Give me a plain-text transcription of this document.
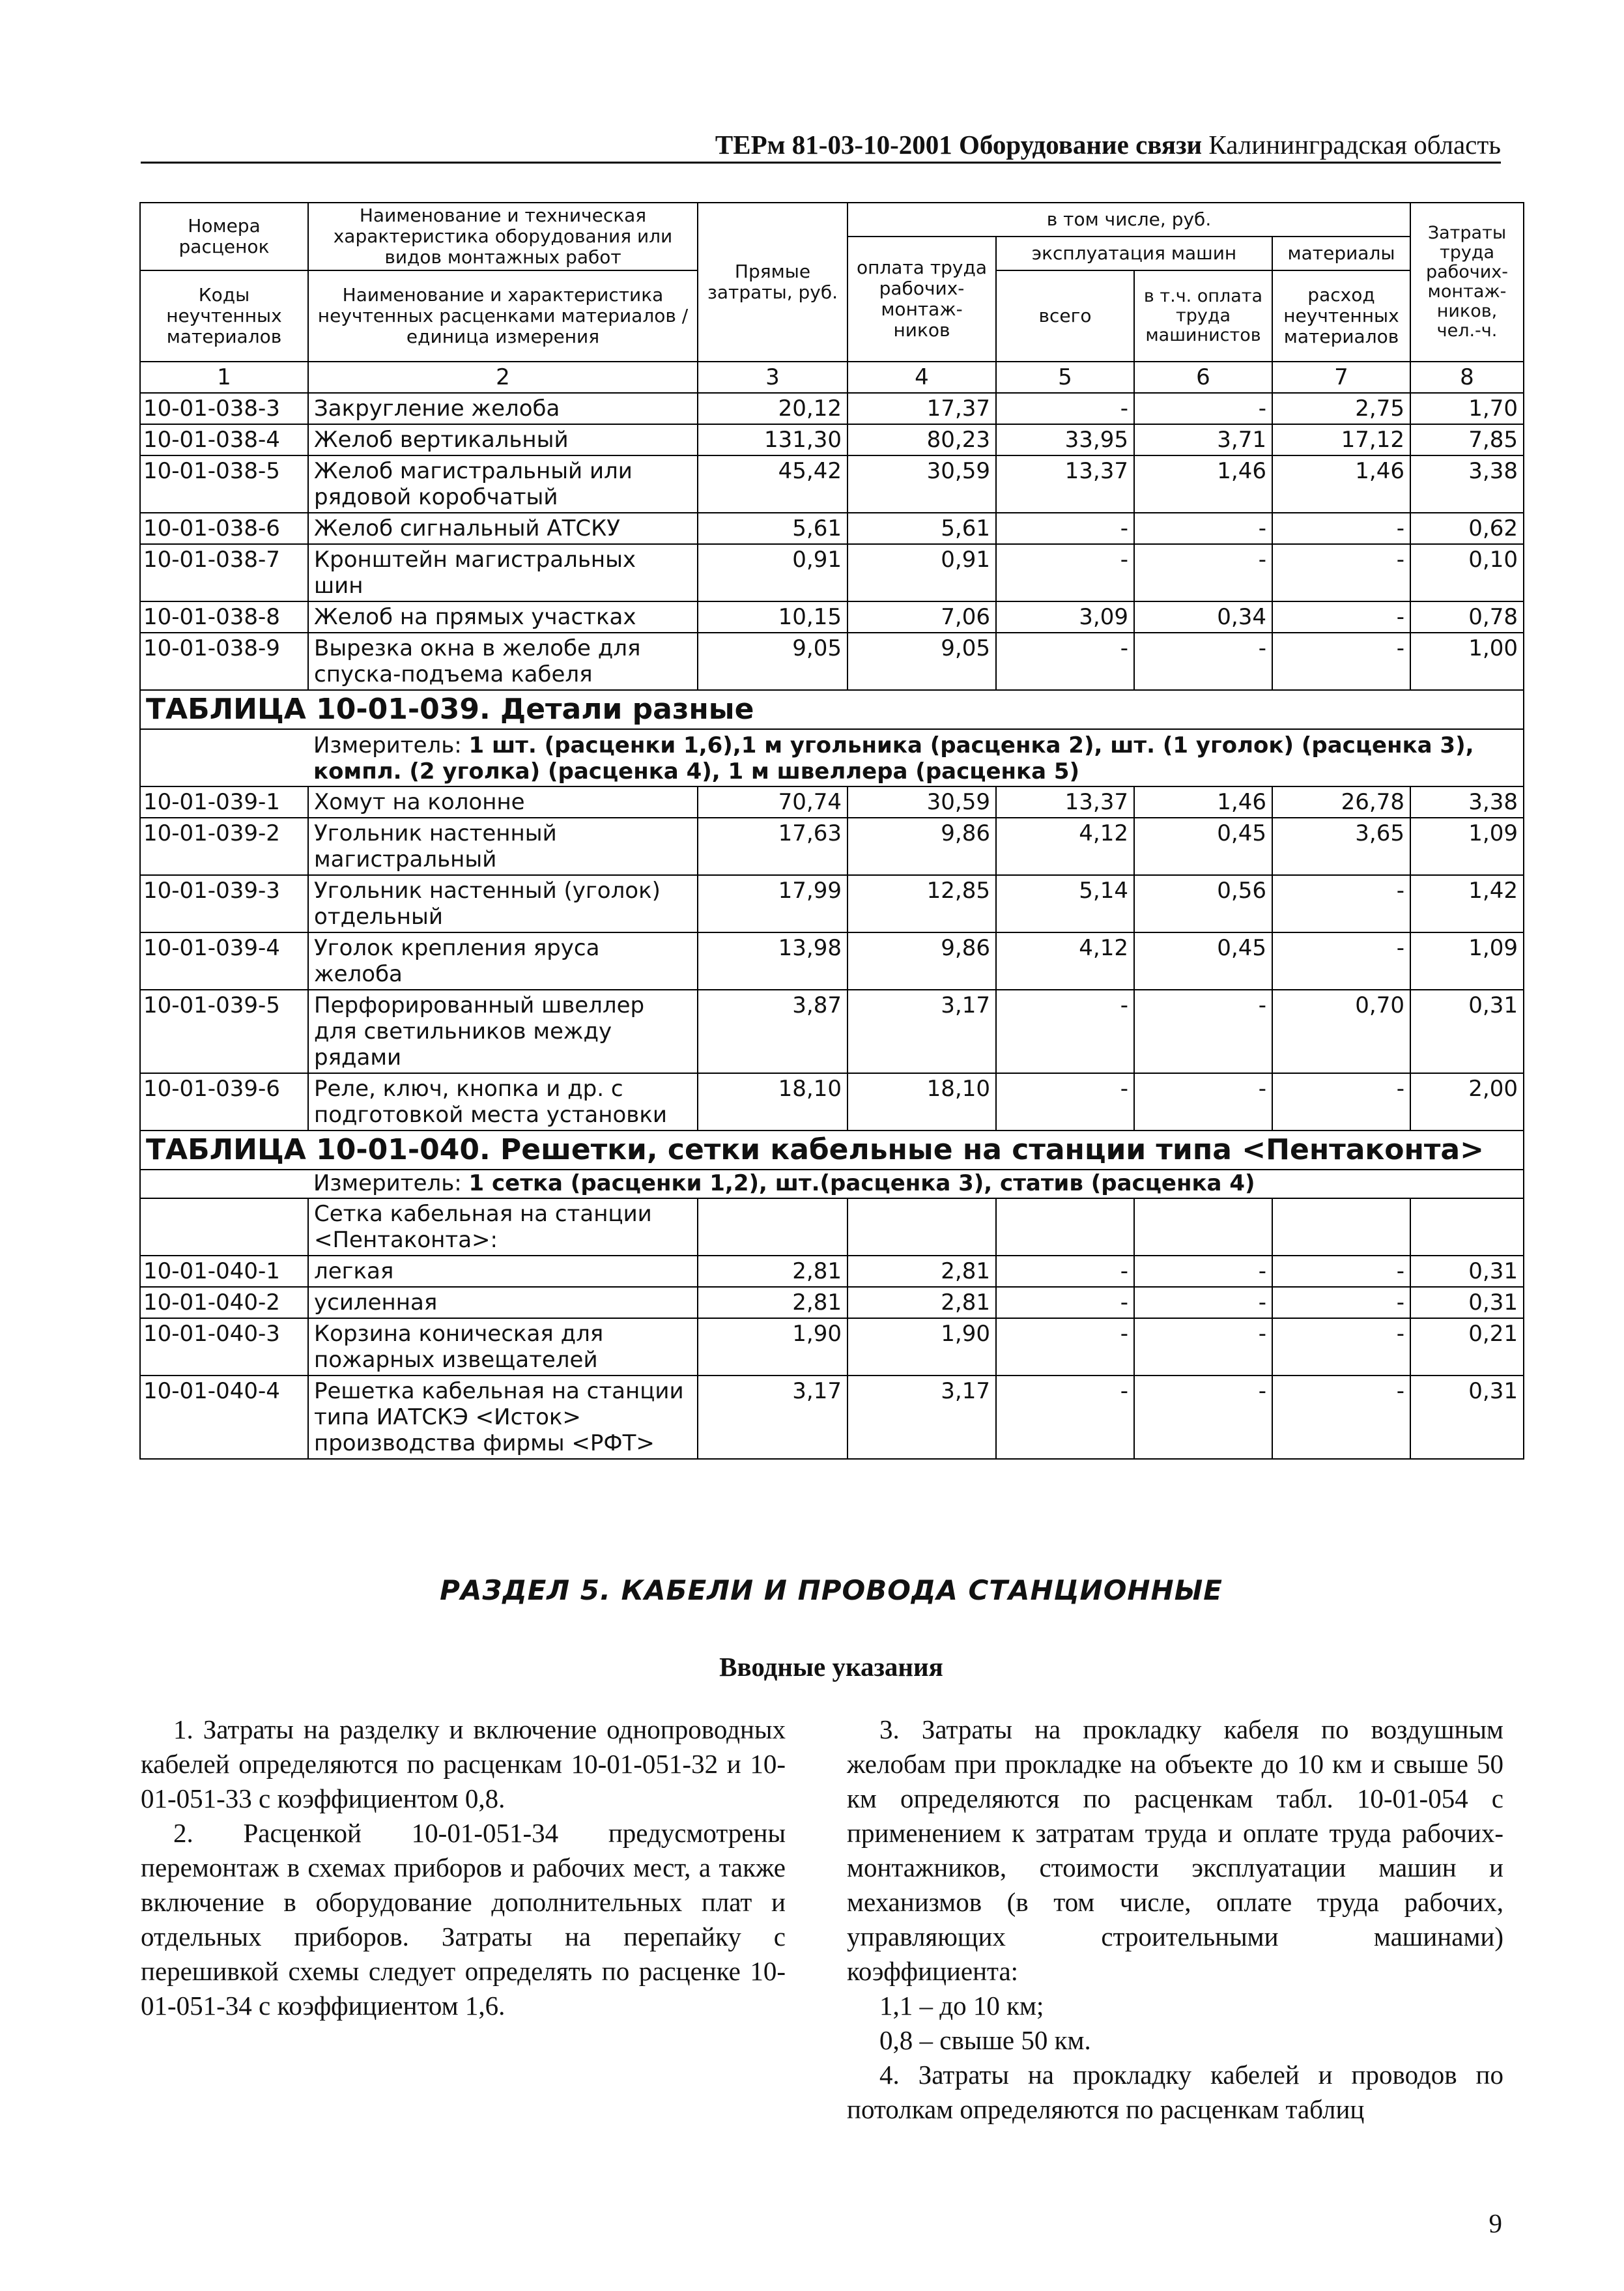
ТЕРм 81-03-10-2001 Оборудование связи Калининградская область
Номера расценок	Наименование и техническая характеристика оборудования или видов монтажных работ	Прямые затраты, руб.	в том числе, руб.				Затраты труда рабочих-монтаж-ников, чел.-ч.
			оплата труда рабочих-монтаж-ников	эксплуатация машин		материалы	
Коды неучтенных материалов	Наименование и характеристика неучтенных расценками материалов / единица измерения			всего	в т.ч. оплата труда машинистов	расход неучтенных материалов	

1	2	3	4	5	6	7	8
10-01-038-3	Закругление желоба	20,12	17,37	-	-	2,75	1,70
10-01-038-4	Желоб вертикальный	131,30	80,23	33,95	3,71	17,12	7,85
10-01-038-5	Желоб магистральный или рядовой коробчатый	45,42	30,59	13,37	1,46	1,46	3,38
10-01-038-6	Желоб сигнальный АТСКУ	5,61	5,61	-	-	-	0,62
10-01-038-7	Кронштейн магистральных шин	0,91	0,91	-	-	-	0,10
10-01-038-8	Желоб на прямых участках	10,15	7,06	3,09	0,34	-	0,78
10-01-038-9	Вырезка окна в желобе для спуска-подъема кабеля	9,05	9,05	-	-	-	1,00
ТАБЛИЦА 10-01-039. Детали разные							

Измеритель: 1 шт. (расценки 1,6),1 м угольника (расценка 2), шт. (1 уголок) (расценка 3), компл. (2 уголка) (расценка 4), 1 м швеллера (расценка 5)							

10-01-039-1	Хомут на колонне	70,74	30,59	13,37	1,46	26,78	3,38
10-01-039-2	Угольник настенный магистральный	17,63	9,86	4,12	0,45	3,65	1,09
10-01-039-3	Угольник настенный (уголок) отдельный	17,99	12,85	5,14	0,56	-	1,42
10-01-039-4	Уголок крепления яруса желоба	13,98	9,86	4,12	0,45	-	1,09
10-01-039-5	Перфорированный швеллер для светильников между рядами	3,87	3,17	-	-	0,70	0,31
10-01-039-6	Реле, ключ, кнопка и др. с подготовкой места установки	18,10	18,10	-	-	-	2,00
ТАБЛИЦА 10-01-040. Решетки, сетки кабельные на станции типа <Пентаконта>							

Измеритель: 1 сетка (расценки 1,2), шт.(расценка 3), статив (расценка 4)							

	Сетка кабельная на станции <Пентаконта>:						
10-01-040-1	легкая	2,81	2,81	-	-	-	0,31
10-01-040-2	усиленная	2,81	2,81	-	-	-	0,31
10-01-040-3	Корзина коническая для пожарных извещателей	1,90	1,90	-	-	-	0,21
10-01-040-4	Решетка кабельная на станции типа ИАТСКЭ <Исток> производства фирмы <РФТ>	3,17	3,17	-	-	-	0,31
РАЗДЕЛ 5. КАБЕЛИ И ПРОВОДА СТАНЦИОННЫЕ
Вводные указания

1. Затраты на разделку и включение однопроводных кабелей определяются по расценкам 10-01-051-32 и 10-01-051-33 с коэффициентом 0,8.

2. Расценкой 10-01-051-34 предусмотрены перемонтаж в схемах приборов и рабочих мест, а также включение в оборудование дополнительных плат и отдельных приборов. Затраты на перепайку с перешивкой схемы следует определять по расценке 10-01-051-34 с коэффициентом 1,6.

3. Затраты на прокладку кабеля по воздушным желобам при прокладке на объекте до 10 км и свыше 50 км определяются по расценкам табл. 10-01-054 с применением к затратам труда и оплате труда рабочих-монтажников, стоимости эксплуатации машин и механизмов (в том числе, оплате труда рабочих, управляющих строительными машинами) коэффициента:

1,1 – до 10 км;

0,8 – свыше 50 км.

4. Затраты на прокладку кабелей и проводов по потолкам определяются по расценкам таблиц

9
